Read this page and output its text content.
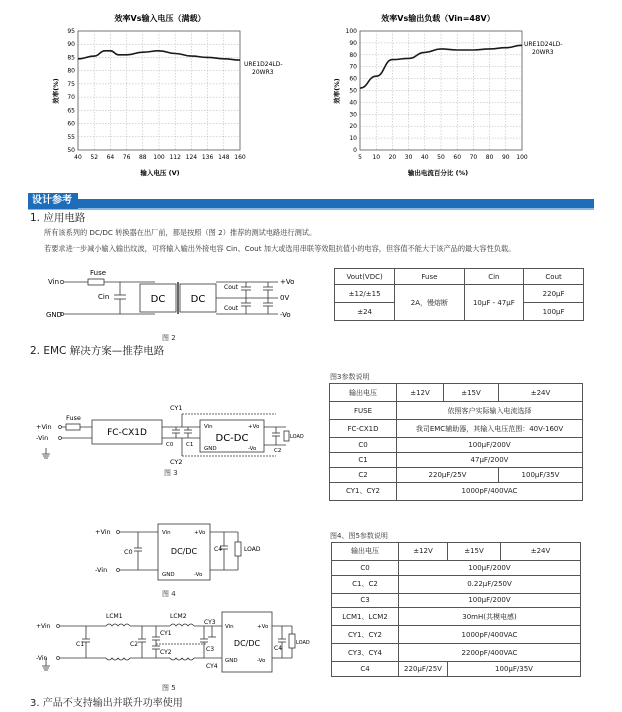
效率Vs输入电压（满载）
95
90
85
80
75
70
65
60
55
50
40 52 64 76 88 100 112 124 136 148 160
URE1D24LD-
20WR3
输入电压 (V)
效率(%)
效率Vs输出负载（Vin=48V）
100
90
80
70
60
50
40
30
20
10
0
5 10 20 30 40 50 60 70 80 90 100
URE1D24LD-
20WR3
输出电流百分比 (%)
效率(%)
设计参考
1. 应用电路
所有该系列的 DC/DC 转换器在出厂前，都是按照（图 2）推荐的测试电路进行测试。
若要求进一步减小输入输出纹波，可将输入输出外接电容 Cin、Cout 加大或选用串联等效阻抗值小的电容，但容值不能大于该产品的最大容性负载。
Vin
Fuse
Cin
GND
DC	DC
Cout
Cout
+Vo
0V
-Vo
图 2
Vout(VDC)	Fuse	Cin	Cout
±12/±15	2A，慢熔断	10μF - 47μF	220μF
±24			100μF
2. EMC 解决方案—推荐电路
+Vin
Fuse
-Vin	FC-CX1D
CY1
CY2
C0 C1
Vin
GND
DC-DC
+Vo
-Vo	C2
LOAD
图 3
图3参数说明
输出电压	±12V	±15V	±24V
FUSE	依照客户实际输入电流选择		
FC-CX1D	我司EMC辅助器，其输入电压范围：40V-160V		
C0	100μF/200V		
C1	47μF/200V		
C2	220μF/25V		100μF/35V
CY1、CY2	1000pF/400VAC		
+Vin
C0
-Vin
Vin
GND
DC/DC
+Vo
-Vo
C4	LOAD
图 4
+Vin
-Vin
LCM1	LCM2
C1	C2
CY1
CY2
CY3
CY4
C3
Vin
GND
DC/DC
+Vo
-Vo
C4
LOAD
图 5
图4、图5参数说明
输出电压	±12V	±15V	±24V
C0	100μF/200V		
C1、C2	0.22μF/250V		
C3	100μF/200V		
LCM1、LCM2	30mH(共模电感)		
CY1、CY2	1000pF/400VAC		
CY3、CY4	2200pF/400VAC		
C4	220μF/25V	100μF/35V	
3. 产品不支持输出并联升功率使用
